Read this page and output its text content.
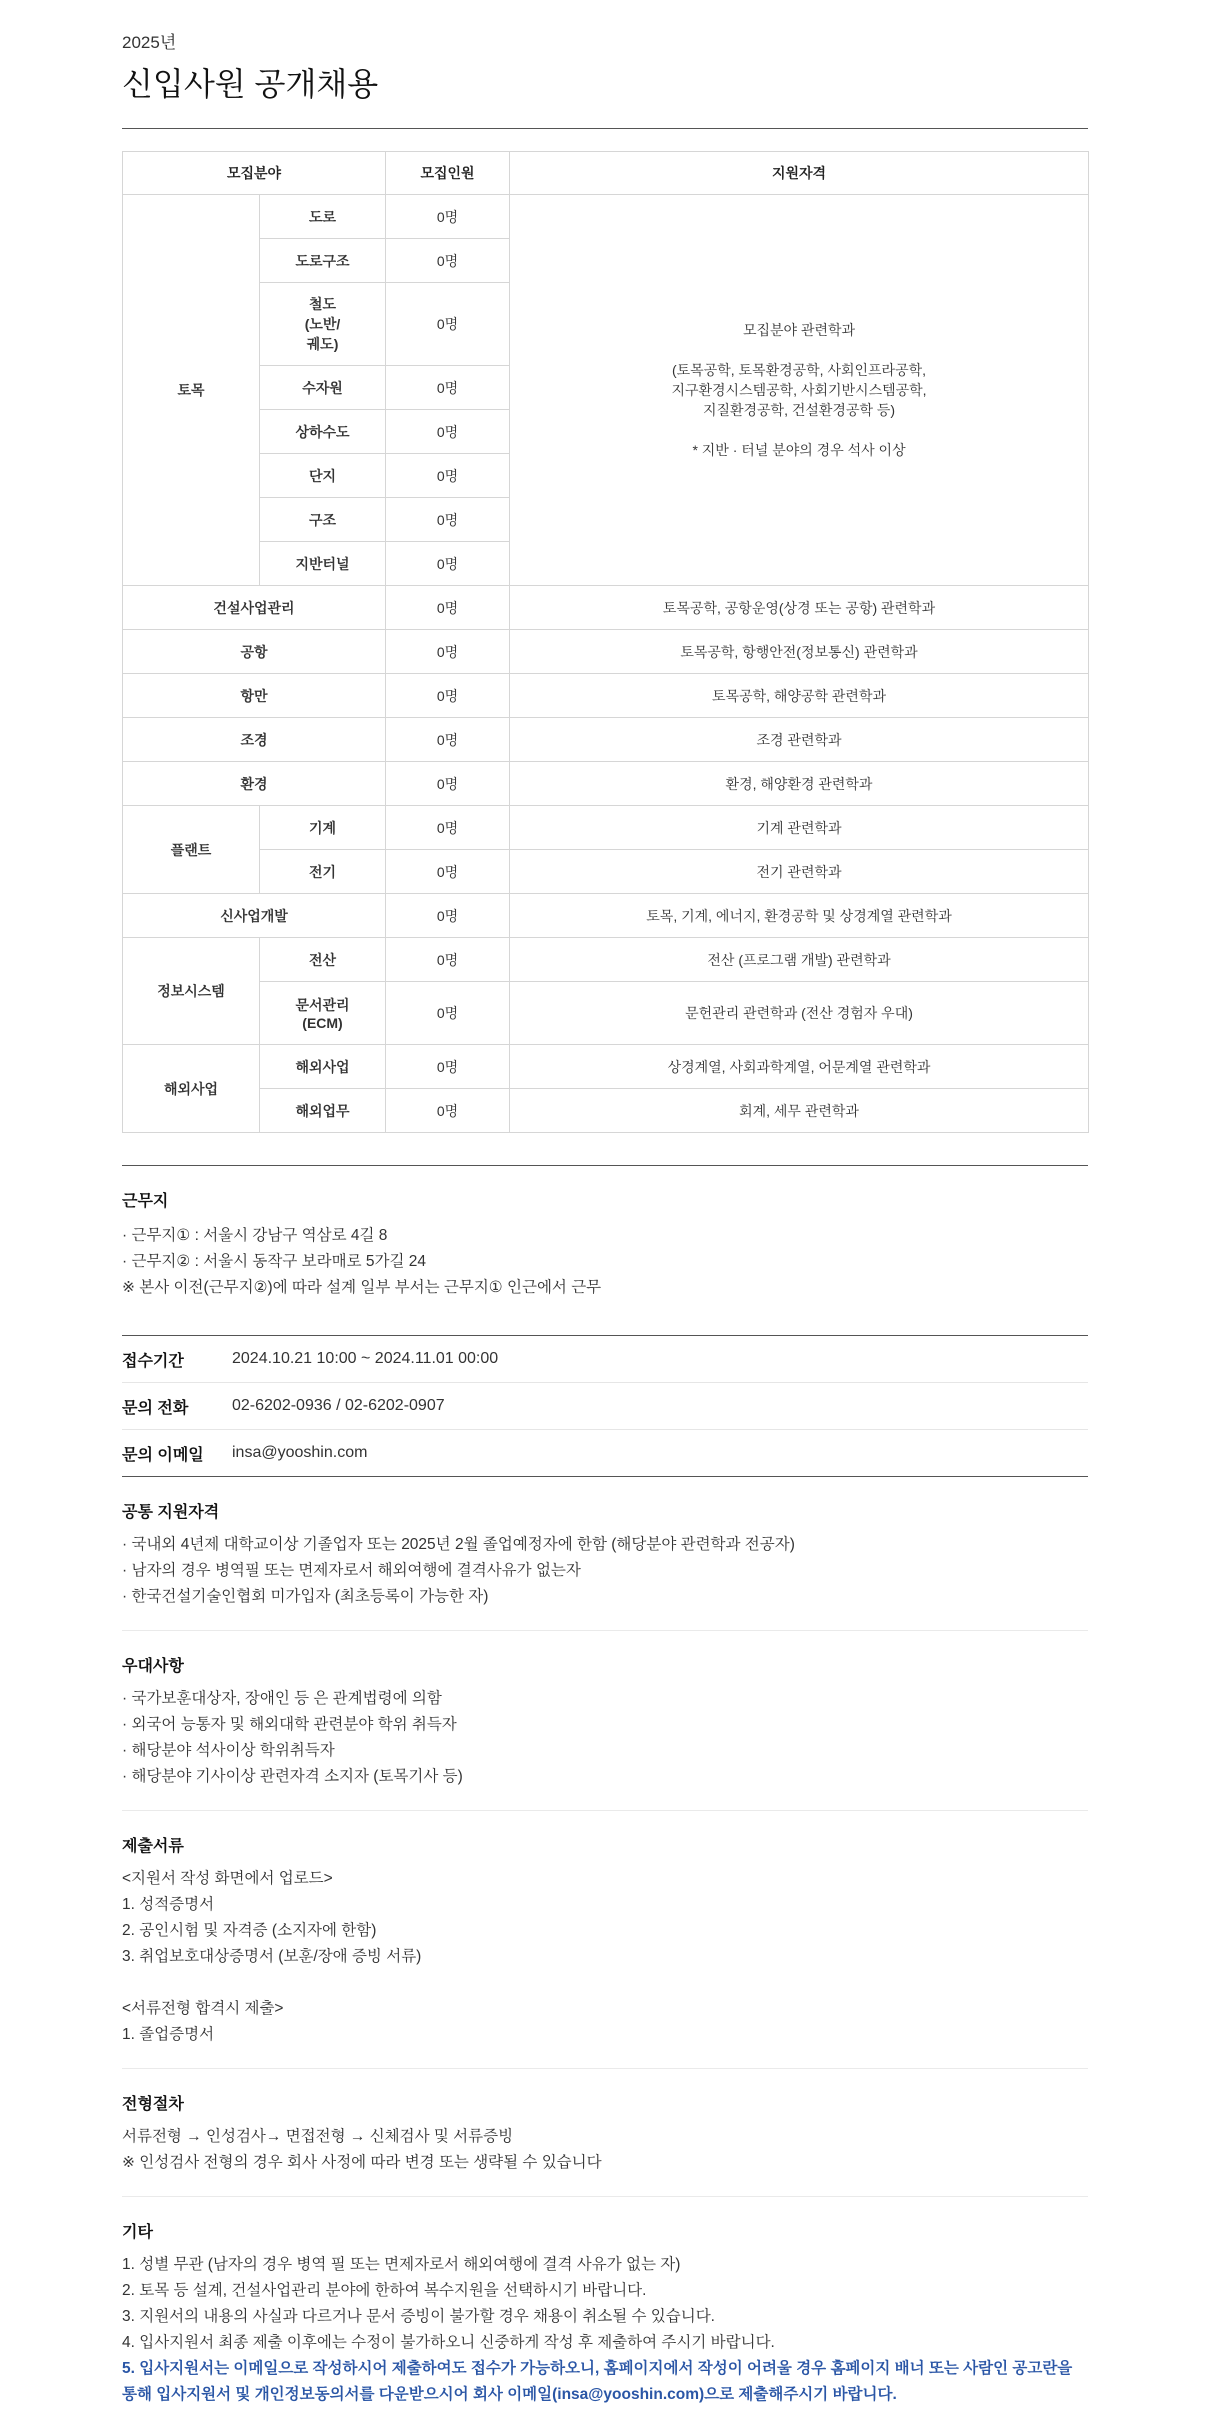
2025년
신입사원 공개채용
모집분야		모집인원	지원자격
토목	도로	0명	모집분야 관련학과

(토목공학, 토목환경공학, 사회인프라공학,
지구환경시스템공학, 사회기반시스템공학,
지질환경공학, 건설환경공학 등)

* 지반 · 터널 분야의 경우 석사 이상
	도로구조	0명	
	철도
(노반/
궤도)	0명	
	수자원	0명	
	상하수도	0명	
	단지	0명	
	구조	0명	
	지반터널	0명	
건설사업관리		0명	토목공학, 공항운영(상경 또는 공항) 관련학과
공항		0명	토목공학, 항행안전(정보통신) 관련학과
항만		0명	토목공학, 해양공학 관련학과
조경		0명	조경 관련학과
환경		0명	환경, 해양환경 관련학과
플랜트	기계	0명	기계 관련학과
	전기	0명	전기 관련학과
신사업개발		0명	토목, 기계, 에너지, 환경공학 및 상경계열 관련학과
정보시스템	전산	0명	전산 (프로그램 개발) 관련학과
	문서관리
(ECM)	0명	문헌관리 관련학과 (전산 경험자 우대)
해외사업	해외사업	0명	상경계열, 사회과학계열, 어문계열 관련학과
	해외업무	0명	회계, 세무 관련학과
근무지
· 근무지① : 서울시 강남구 역삼로 4길 8
· 근무지② : 서울시 동작구 보라매로 5가길 24
※ 본사 이전(근무지②)에 따라 설계 일부 부서는 근무지① 인근에서 근무
접수기간	2024.10.21 10:00 ~ 2024.11.01 00:00
문의 전화	02-6202-0936 / 02-6202-0907
문의 이메일	insa@yooshin.com
공통 지원자격
· 국내외 4년제 대학교이상 기졸업자 또는 2025년 2월 졸업예정자에 한함 (해당분야 관련학과 전공자)
· 남자의 경우 병역필 또는 면제자로서 해외여행에 결격사유가 없는자
· 한국건설기술인협회 미가입자 (최초등록이 가능한 자)
우대사항
· 국가보훈대상자, 장애인 등 은 관계법령에 의함
· 외국어 능통자 및 해외대학 관련분야 학위 취득자
· 해당분야 석사이상 학위취득자
· 해당분야 기사이상 관련자격 소지자 (토목기사 등)
제출서류
<지원서 작성 화면에서 업로드>
1. 성적증명서
2. 공인시험 및 자격증 (소지자에 한함)
3. 취업보호대상증명서 (보훈/장애 증빙 서류)

<서류전형 합격시 제출>
1. 졸업증명서
전형절차
서류전형 → 인성검사→ 면접전형 → 신체검사 및 서류증빙
※ 인성검사 전형의 경우 회사 사정에 따라 변경 또는 생략될 수 있습니다
기타
1. 성별 무관 (남자의 경우 병역 필 또는 면제자로서 해외여행에 결격 사유가 없는 자)
2. 토목 등 설계, 건설사업관리 분야에 한하여 복수지원을 선택하시기 바랍니다.
3. 지원서의 내용의 사실과 다르거나 문서 증빙이 불가할 경우 채용이 취소될 수 있습니다.
4. 입사지원서 최종 제출 이후에는 수정이 불가하오니 신중하게 작성 후 제출하여 주시기 바랍니다.
5. 입사지원서는 이메일으로 작성하시어 제출하여도 접수가 가능하오니, 홈페이지에서 작성이 어려울 경우 홈페이지 배너 또는 사람인 공고란을 통해 입사지원서 및 개인정보동의서를 다운받으시어 회사 이메일(insa@yooshin.com)으로 제출해주시기 바랍니다.
